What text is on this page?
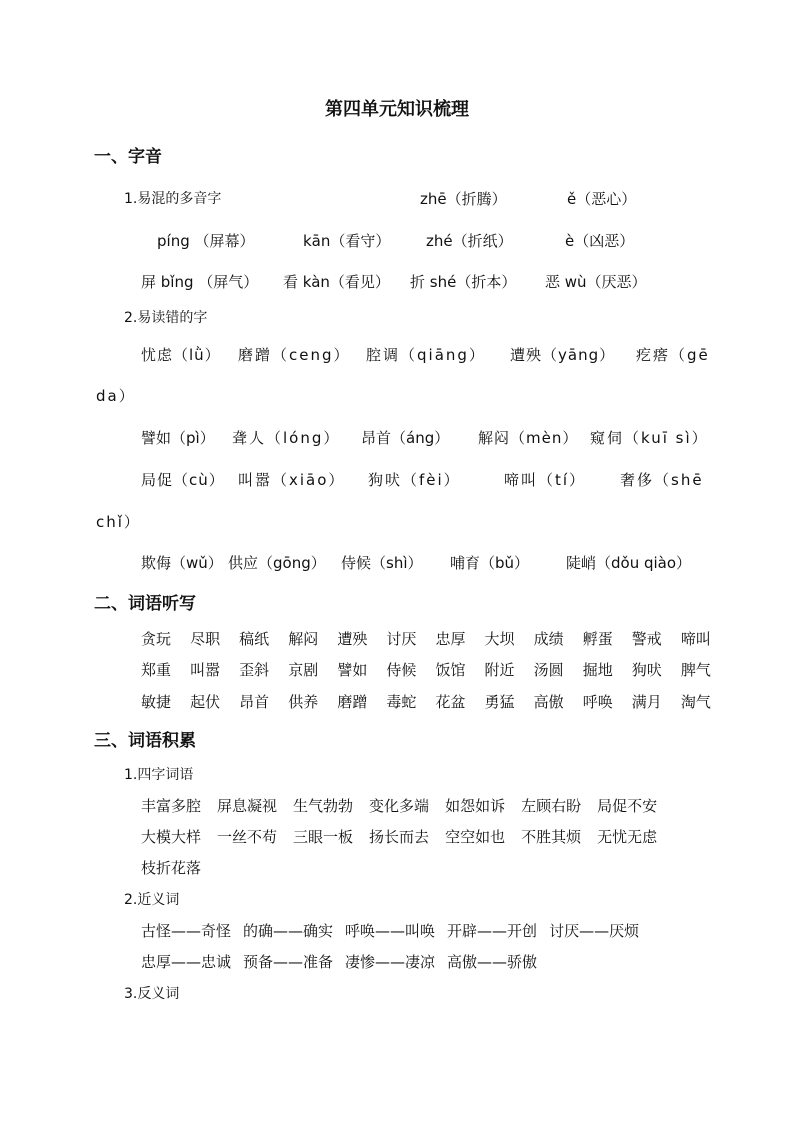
第四单元知识梳理
一、字音
1.易混的多音字	zhē（折腾）	ě（恶心）
píng （屏幕）	kān（看守） zhé（折纸）	è（凶恶）
屏 bǐng （屏气） 看 kàn（看见） 折 shé（折本） 恶 wù（厌恶）
2.易读错的字
忧虑（lǜ） 磨蹭（ceng） 腔调（qiāng） 遭殃（yāng） 疙瘩（gē
da）
譬如（pì） 聋人（lóng） 昂首（áng） 解闷（mèn） 窥伺（kuī sì）
局促（cù） 叫嚣（xiāo） 狗吠（fèi）	啼叫（tí） 奢侈（shē
chǐ）
欺侮（wǔ） 供应（gōng） 侍候（shì） 哺育（bǔ） 陡峭（dǒu qiào）
二、词语听写
贪玩 尽职 稿纸 解闷 遭殃 讨厌 忠厚 大坝 成绩 孵蛋 警戒 啼叫
郑重 叫嚣 歪斜 京剧 譬如 侍候 饭馆 附近 汤圆 掘地 狗吠 脾气
敏捷 起伏 昂首 供养 磨蹭 毒蛇 花盆 勇猛 高傲 呼唤 满月 淘气
三、词语积累
1.四字词语
丰富多腔 屏息凝视 生气勃勃 变化多端 如怨如诉 左顾右盼 局促不安
大模大样 一丝不苟 三眼一板 扬长而去 空空如也 不胜其烦 无忧无虑
枝折花落
2.近义词
古怪——奇怪 的确——确实 呼唤——叫唤 开辟——开创 讨厌——厌烦
忠厚——忠诚 预备——准备 凄惨——凄凉 高傲——骄傲
3.反义词
